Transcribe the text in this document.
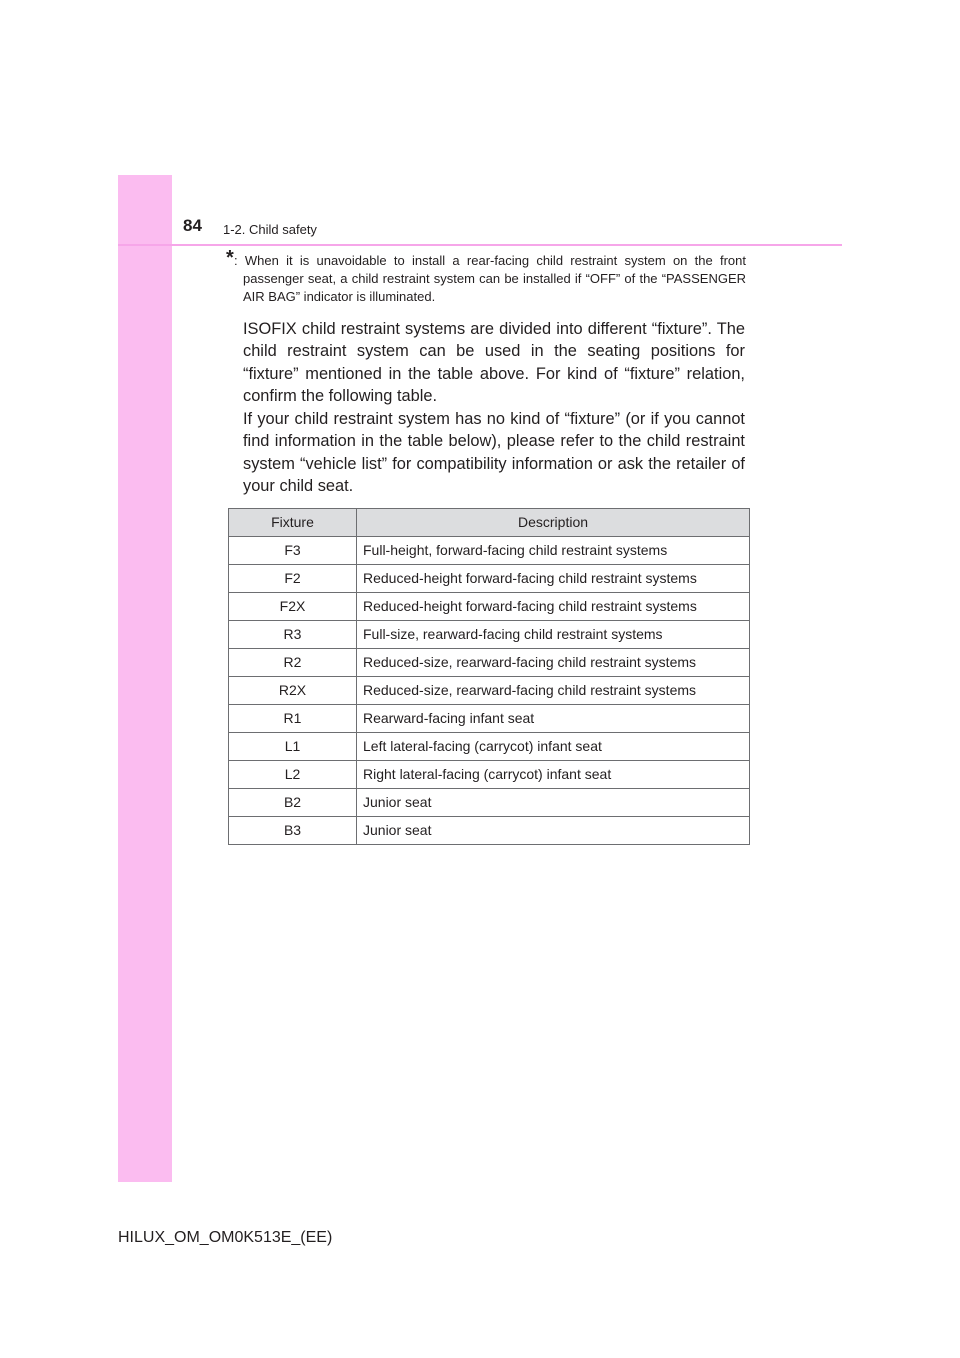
84 1-2. Child safety
* : When it is unavoidable to install a rear-facing child restraint system on the front passenger seat, a child restraint system can be installed if “OFF” of the “PASSENGER AIR BAG” indicator is illuminated.

ISOFIX child restraint systems are divided into different “fixture”. The child restraint system can be used in the seating positions for “fixture” mentioned in the table above. For kind of “fixture” relation, confirm the following table.

If your child restraint system has no kind of “fixture” (or if you cannot find information in the table below), please refer to the child restraint system “vehicle list” for compatibility information or ask the retailer of your child seat.

Fixture	Description
F3	Full-height, forward-facing child restraint systems
F2	Reduced-height forward-facing child restraint systems
F2X	Reduced-height forward-facing child restraint systems
R3	Full-size, rearward-facing child restraint systems
R2	Reduced-size, rearward-facing child restraint systems
R2X	Reduced-size, rearward-facing child restraint systems
R1	Rearward-facing infant seat
L1	Left lateral-facing (carrycot) infant seat
L2	Right lateral-facing (carrycot) infant seat
B2	Junior seat
B3	Junior seat
HILUX_OM_OM0K513E_(EE)
